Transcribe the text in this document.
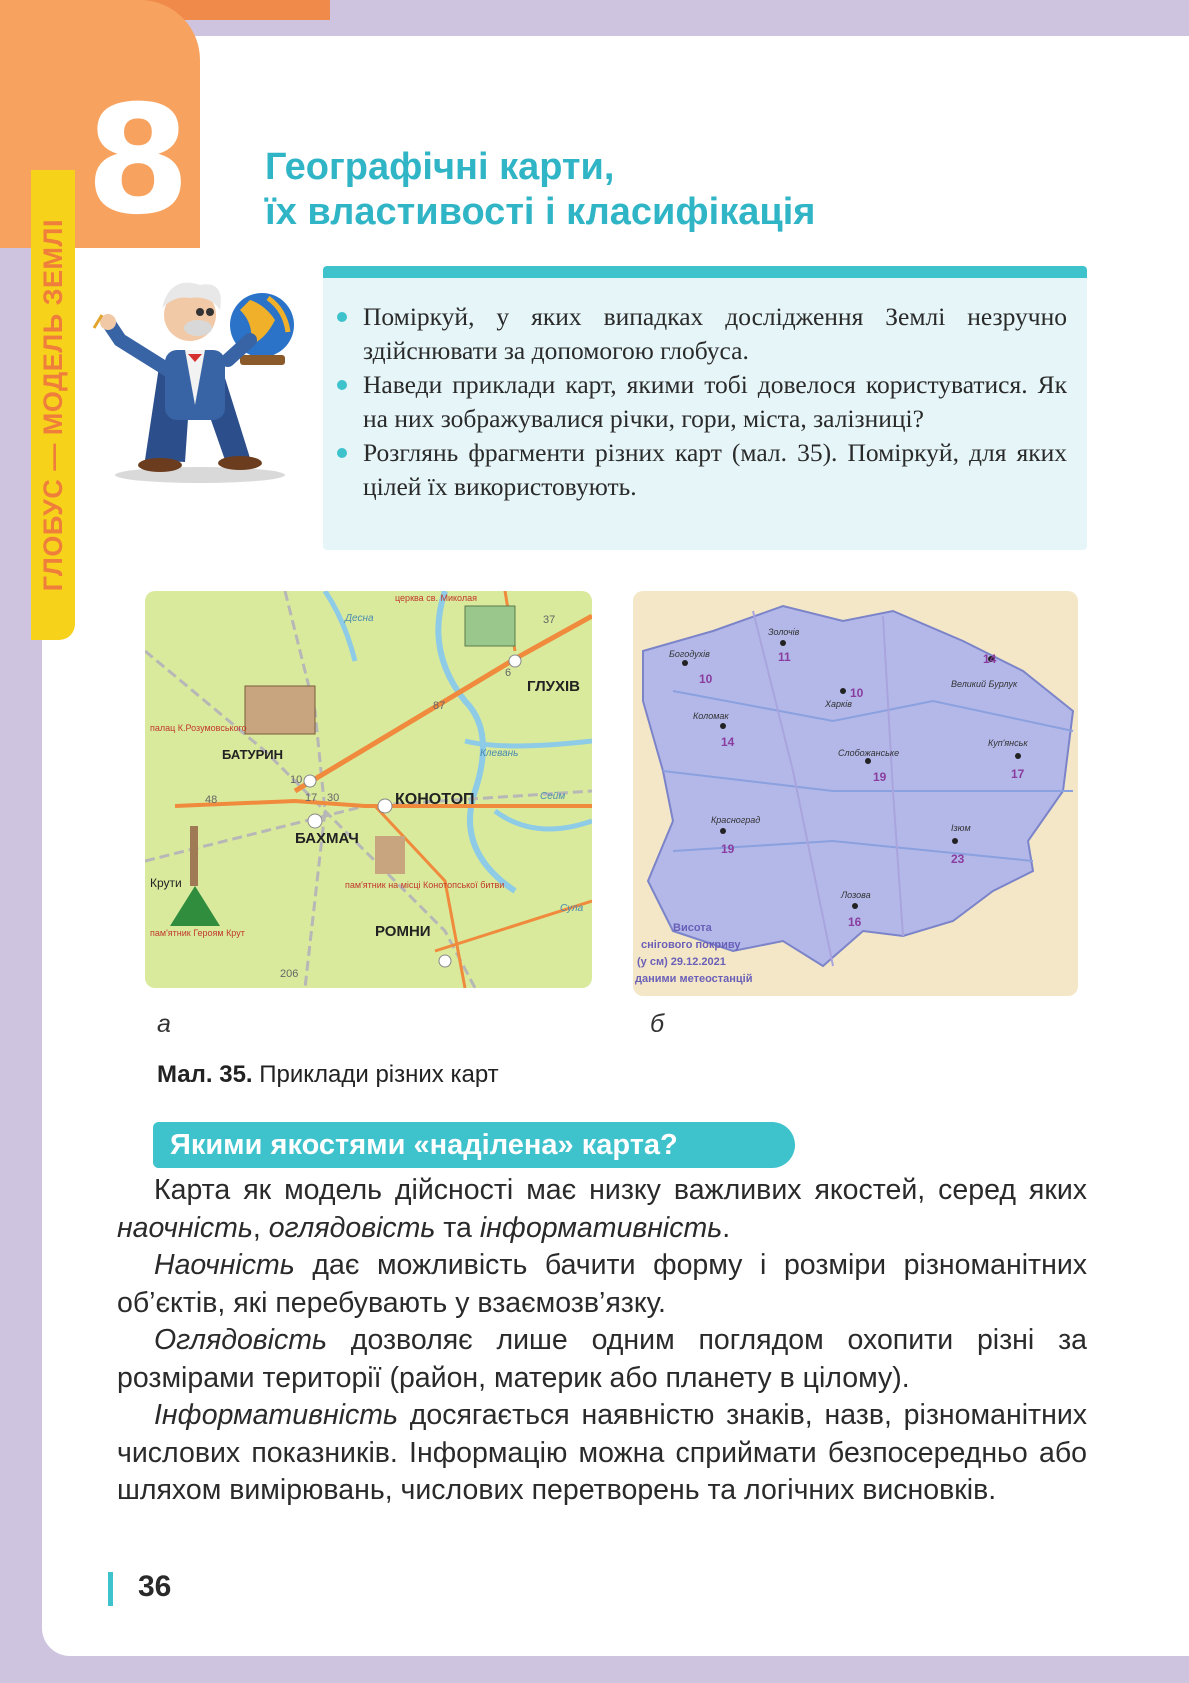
8
ГЛОБУС — МОДЕЛЬ ЗЕМЛІ
Географічні карти,
їх властивості і класифікація
Поміркуй, у яких випадках дослідження Землі незручно здійснювати за допомогою глобуса.
Наведи приклади карт, якими тобі довелося користуватися. Як на них зображувалися річки, гори, міста, залізниці?
Розглянь фрагменти різних карт (мал. 35). Поміркуй, для яких цілей їх використовують.
БАТУРИН
ГЛУХІВ
КОНОТОП
БАХМАЧ
РОМНИ
Крути
церква св. Миколая
палац К.Розумовського
пам'ятник на місці Конотопської битви
пам'ятник Героям Крут
Десна
Сейм
Сула
Клевань
37
87
6
48
10
17 30
206
а
Богодухів
Золочів
Харків
Великий Бурлук
Коломак
Слобожанське
Куп'янськ
Красноград
Ізюм
Лозова
10
11
10
14
14
19	17
19
23
16
Висота
снігового покриву
(у см) 29.12.2021
даними метеостанцій
б
Мал. 35. Приклади різних карт
Якими якостями «наділена» карта?

Карта як модель дійсності має низку важливих якостей, серед яких наочність, оглядовість та інформативність.

Наочність дає можливість бачити форму і розміри різноманітних об’єктів, які перебувають у взаємозв’язку.

Оглядовість дозволяє лише одним поглядом охопити різні за розмірами території (район, материк або планету в цілому).

Інформативність досягається наявністю знаків, назв, різноманітних числових показників. Інформацію можна сприймати безпосередньо або шляхом вимірювань, числових перетворень та логічних висновків.

36
